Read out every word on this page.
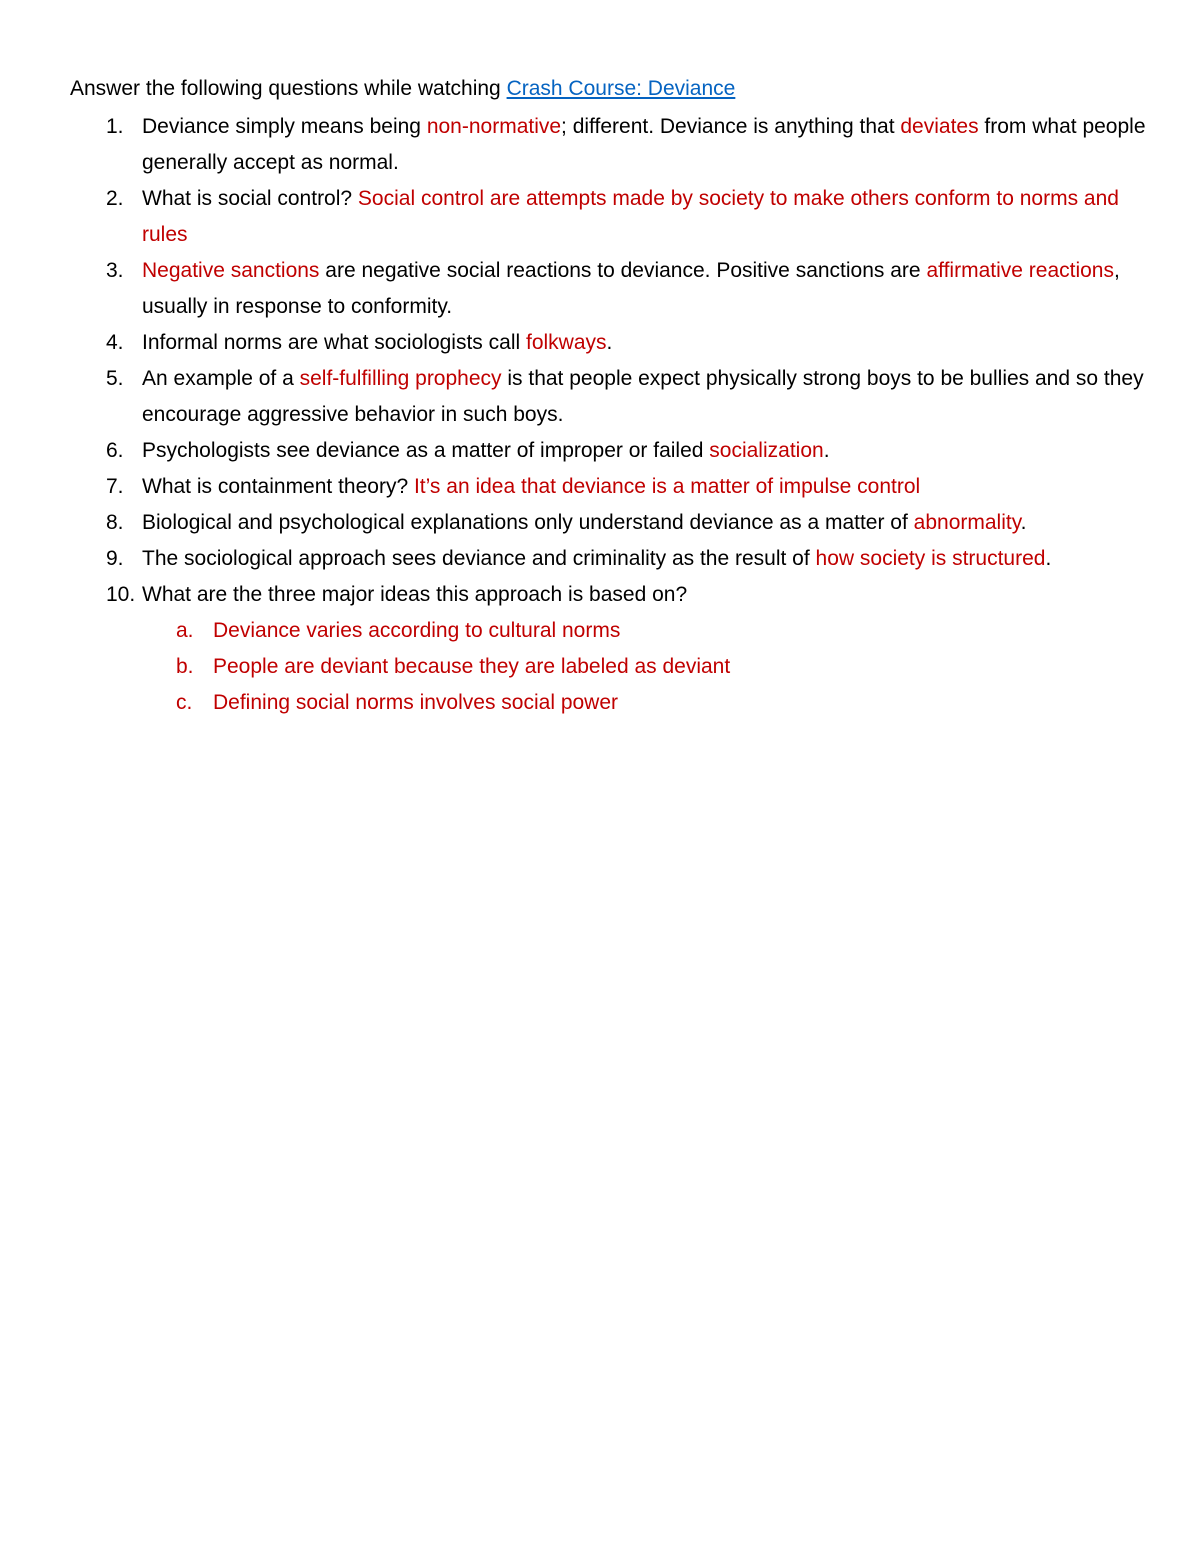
Answer the following questions while watching Crash Course: Deviance
1. Deviance simply means being non-normative; different. Deviance is anything that deviates from what people generally accept as normal.
2. What is social control? Social control are attempts made by society to make others conform to norms and rules
3. Negative sanctions are negative social reactions to deviance. Positive sanctions are affirmative reactions, usually in response to conformity.
4. Informal norms are what sociologists call folkways.
5. An example of a self-fulfilling prophecy is that people expect physically strong boys to be bullies and so they encourage aggressive behavior in such boys.
6. Psychologists see deviance as a matter of improper or failed socialization.
7. What is containment theory? It’s an idea that deviance is a matter of impulse control
8. Biological and psychological explanations only understand deviance as a matter of abnormality.
9. The sociological approach sees deviance and criminality as the result of how society is structured.
10. What are the three major ideas this approach is based on?
a. Deviance varies according to cultural norms
b. People are deviant because they are labeled as deviant
c. Defining social norms involves social power
